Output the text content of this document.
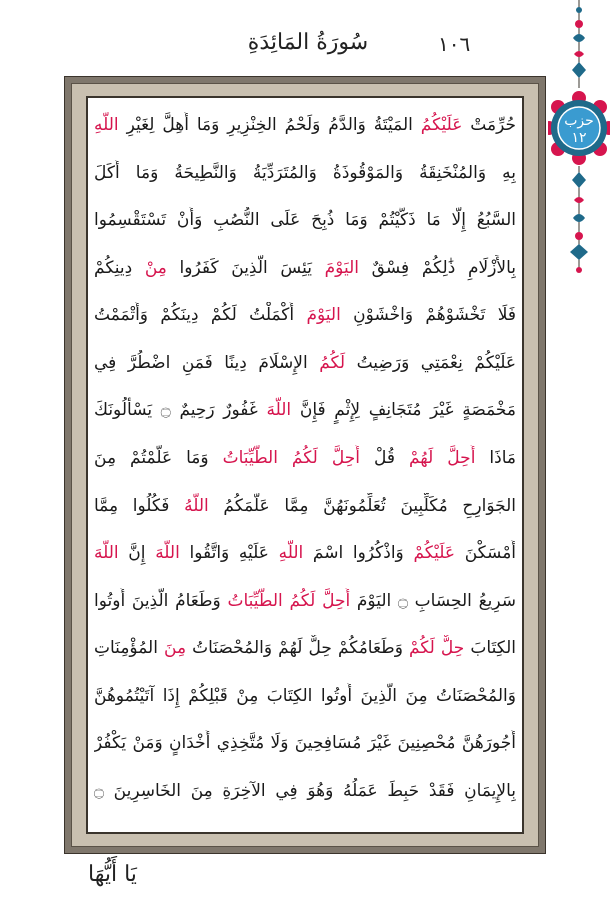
١٠٦
سُورَةُ المَائِدَةِ
حُرِّمَتْ عَلَيْكُمُ المَيْتَةُ وَالدَّمُ وَلَحْمُ الخِنْزِيرِ وَمَا أُهِلَّ لِغَيْرِ اللَّهِ
بِهِ وَالمُنْخَنِقَةُ وَالمَوْقُوذَةُ وَالمُتَرَدِّيَةُ وَالنَّطِيحَةُ وَمَا أَكَلَ
السَّبُعُ إِلَّا مَا ذَكَّيْتُمْ وَمَا ذُبِحَ عَلَى النُّصُبِ وَأَنْ تَسْتَقْسِمُوا
بِالأَزْلَامِ ذَٰلِكُمْ فِسْقٌ اليَوْمَ يَئِسَ الَّذِينَ كَفَرُوا مِنْ دِينِكُمْ
فَلَا تَخْشَوْهُمْ وَاخْشَوْنِ اليَوْمَ أَكْمَلْتُ لَكُمْ دِينَكُمْ وَأَتْمَمْتُ
عَلَيْكُمْ نِعْمَتِي وَرَضِيتُ لَكُمُ الإِسْلَامَ دِينًا فَمَنِ اضْطُرَّ فِي
مَخْمَصَةٍ غَيْرَ مُتَجَانِفٍ لِإِثْمٍ فَإِنَّ اللَّهَ غَفُورٌ رَحِيمٌ ۝ يَسْأَلُونَكَ
مَاذَا أُحِلَّ لَهُمْ قُلْ أُحِلَّ لَكُمُ الطَّيِّبَاتُ وَمَا عَلَّمْتُمْ مِنَ
الجَوَارِحِ مُكَلِّبِينَ تُعَلِّمُونَهُنَّ مِمَّا عَلَّمَكُمُ اللَّهُ فَكُلُوا مِمَّا
أَمْسَكْنَ عَلَيْكُمْ وَاذْكُرُوا اسْمَ اللَّهِ عَلَيْهِ وَاتَّقُوا اللَّهَ إِنَّ اللَّهَ
سَرِيعُ الحِسَابِ ۝ اليَوْمَ أُحِلَّ لَكُمُ الطَّيِّبَاتُ وَطَعَامُ الَّذِينَ أُوتُوا
الكِتَابَ حِلٌّ لَكُمْ وَطَعَامُكُمْ حِلٌّ لَهُمْ وَالمُحْصَنَاتُ مِنَ المُؤْمِنَاتِ
وَالمُحْصَنَاتُ مِنَ الَّذِينَ أُوتُوا الكِتَابَ مِنْ قَبْلِكُمْ إِذَا آتَيْتُمُوهُنَّ
أُجُورَهُنَّ مُحْصِنِينَ غَيْرَ مُسَافِحِينَ وَلَا مُتَّخِذِي أَخْدَانٍ وَمَنْ يَكْفُرْ
بِالإِيمَانِ فَقَدْ حَبِطَ عَمَلُهُ وَهُوَ فِي الآخِرَةِ مِنَ الخَاسِرِينَ ۝
يَا أَيُّهَا
حزب
١٢
